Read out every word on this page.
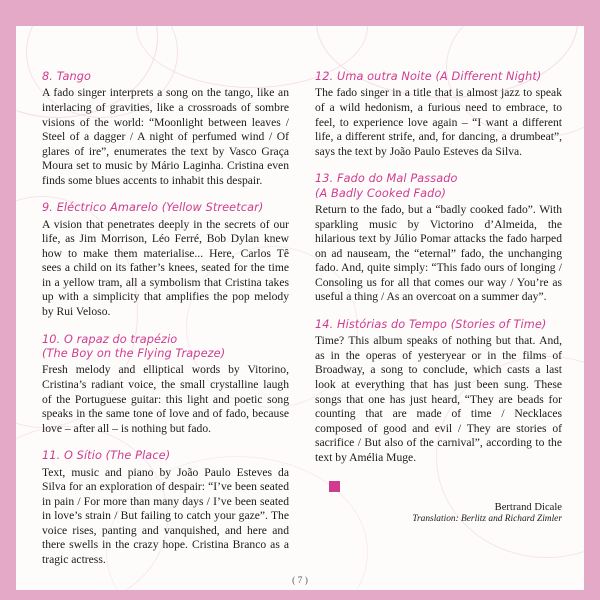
8. Tango

A fado singer interprets a song on the tango, like an interlacing of gravities, like a crossroads of sombre visions of the world: “Moonlight between leaves / Steel of a dagger / A night of perfumed wind / Of glares of ire”, enumerates the text by Vasco Graça Moura set to music by Mário Laginha. Cristina even finds some blues accents to inhabit this despair.

9. Eléctrico Amarelo (Yellow Streetcar)

A vision that penetrates deeply in the secrets of our life, as Jim Morrison, Léo Ferré, Bob Dylan knew how to make them materialise... Here, Carlos Tê sees a child on its father’s knees, seated for the time in a yellow tram, all a symbolism that Cristina takes up with a simplicity that amplifies the pop melody by Rui Veloso.

10. O rapaz do trapézio
(The Boy on the Flying Trapeze)

Fresh melody and elliptical words by Vitorino, Cristina’s radiant voice, the small crystalline laugh of the Portuguese guitar: this light and poetic song speaks in the same tone of love and of fado, because love – after all – is nothing but fado.

11. O Sítio (The Place)

Text, music and piano by João Paulo Esteves da Silva for an exploration of despair: “I’ve been seated in pain / For more than many days / I’ve been seated in love’s strain / But failing to catch your gaze”. The voice rises, panting and vanquished, and here and there swells in the crazy hope. Cristina Branco as a tragic actress.

12. Uma outra Noite (A Different Night)

The fado singer in a title that is almost jazz to speak of a wild hedonism, a furious need to embrace, to feel, to experience love again – “I want a different life, a different strife, and, for dancing, a drumbeat”, says the text by João Paulo Esteves da Silva.

13. Fado do Mal Passado
(A Badly Cooked Fado)

Return to the fado, but a “badly cooked fado”. With sparkling music by Victorino d’Almeida, the hilarious text by Júlio Pomar attacks the fado harped on ad nauseam, the “eternal” fado, the unchanging fado. And, quite simply: “This fado ours of longing / Consoling us for all that comes our way / You’re as useful a thing / As an overcoat on a summer day”.

14. Histórias do Tempo (Stories of Time)

Time? This album speaks of nothing but that. And, as in the operas of yesteryear or in the films of Broadway, a song to conclude, which casts a last look at everything that has just been sung. These songs that one has just heard, “They are beads for counting that are made of time / Necklaces composed of good and evil / They are stories of sacrifice / But also of the carnival”, according to the text by Amélia Muge.

Bertrand Dicale
Translation: Berlitz and Richard Zimler
( 7 )
